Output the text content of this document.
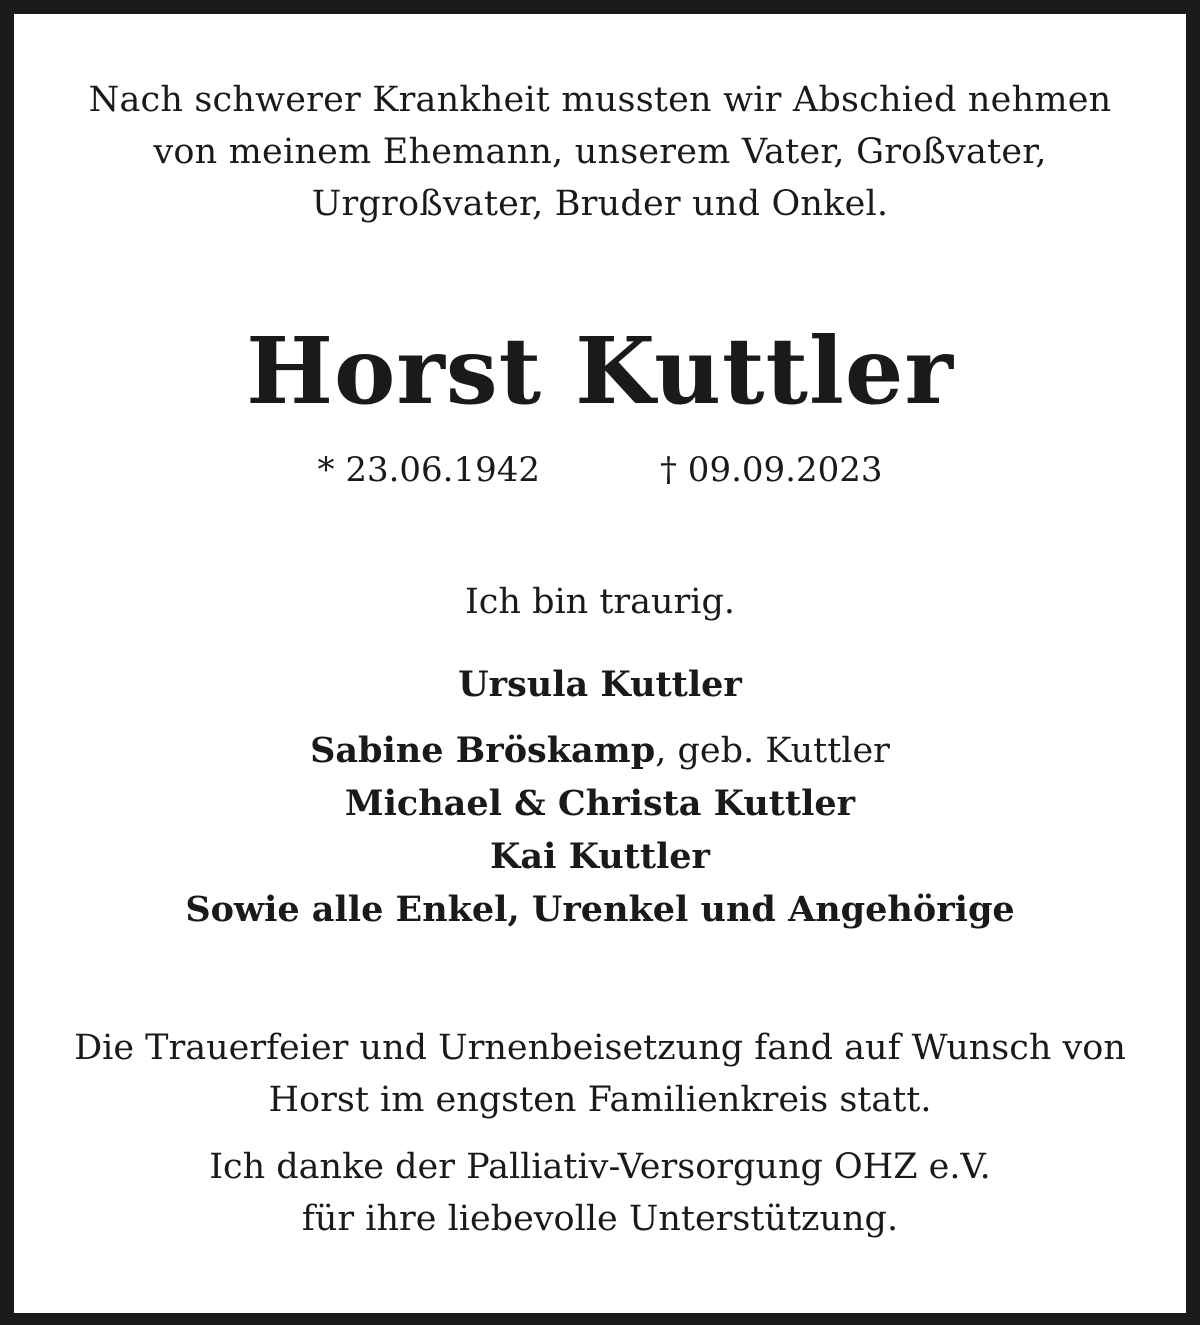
Nach schwerer Krankheit mussten wir Abschied nehmen
von meinem Ehemann, unserem Vater, Großvater,
Urgroßvater, Bruder und Onkel.
Horst Kuttler
* 23.06.1942	† 09.09.2023
Ich bin traurig.
Ursula Kuttler
Sabine Bröskamp, geb. Kuttler
Michael & Christa Kuttler
Kai Kuttler
Sowie alle Enkel, Urenkel und Angehörige
Die Trauerfeier und Urnenbeisetzung fand auf Wunsch von
Horst im engsten Familienkreis statt.
Ich danke der Palliativ-Versorgung OHZ e.V.
für ihre liebevolle Unterstützung.
